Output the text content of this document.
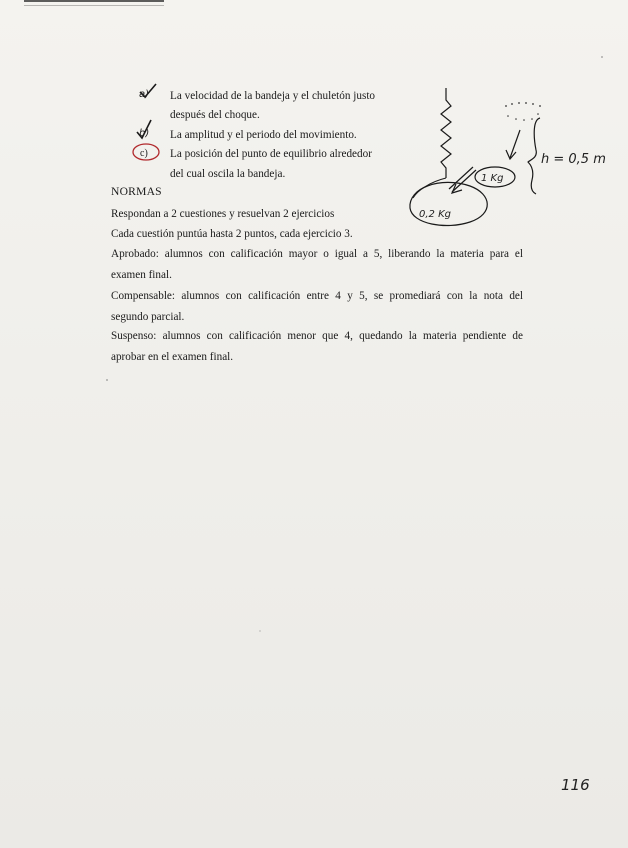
a)
b)
c)
0,2 Kg
1 Kg
h = 0,5 m
116
La velocidad de la bandeja y el chuletón justo
después del choque.
La amplitud y el periodo del movimiento.
La posición del punto de equilibrio alrededor
del cual oscila la bandeja.
NORMAS
Respondan a 2 cuestiones y resuelvan 2 ejercicios
Cada cuestión puntúa hasta 2 puntos, cada ejercicio 3.
Aprobado: alumnos con calificación mayor o igual a 5, liberando la materia para el
examen final.
Compensable: alumnos con calificación entre 4 y 5, se promediará con la nota del
segundo parcial.
Suspenso: alumnos con calificación menor que 4, quedando la materia pendiente de
aprobar en el examen final.
